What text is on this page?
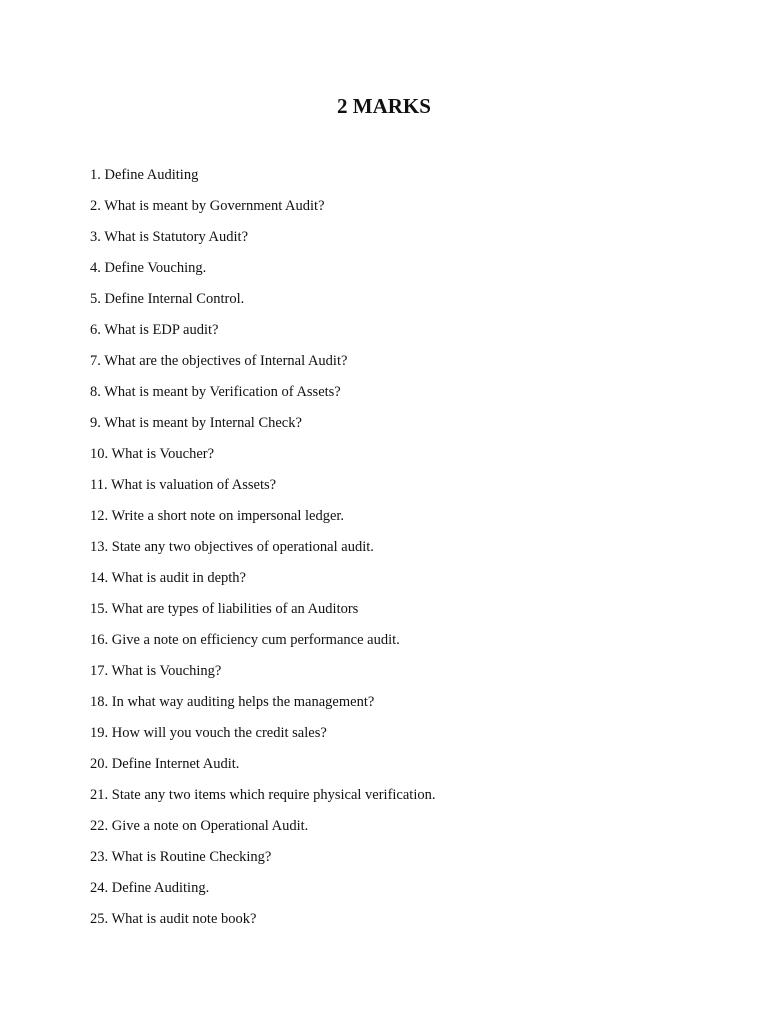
2 MARKS
1. Define Auditing
2. What is meant by Government Audit?
3. What is Statutory Audit?
4. Define Vouching.
5. Define Internal Control.
6. What is EDP audit?
7. What are the objectives of Internal Audit?
8. What is meant by Verification of Assets?
9. What is meant by Internal Check?
10. What is Voucher?
11. What is valuation of Assets?
12. Write a short note on impersonal ledger.
13. State any two objectives of operational audit.
14. What is audit in depth?
15. What are types of liabilities of an Auditors
16. Give a note on efficiency cum performance audit.
17. What is Vouching?
18. In what way auditing helps the management?
19. How will you vouch the credit sales?
20. Define Internet Audit.
21. State any two items which require physical verification.
22. Give a note on Operational Audit.
23. What is Routine Checking?
24. Define Auditing.
25. What is audit note book?
